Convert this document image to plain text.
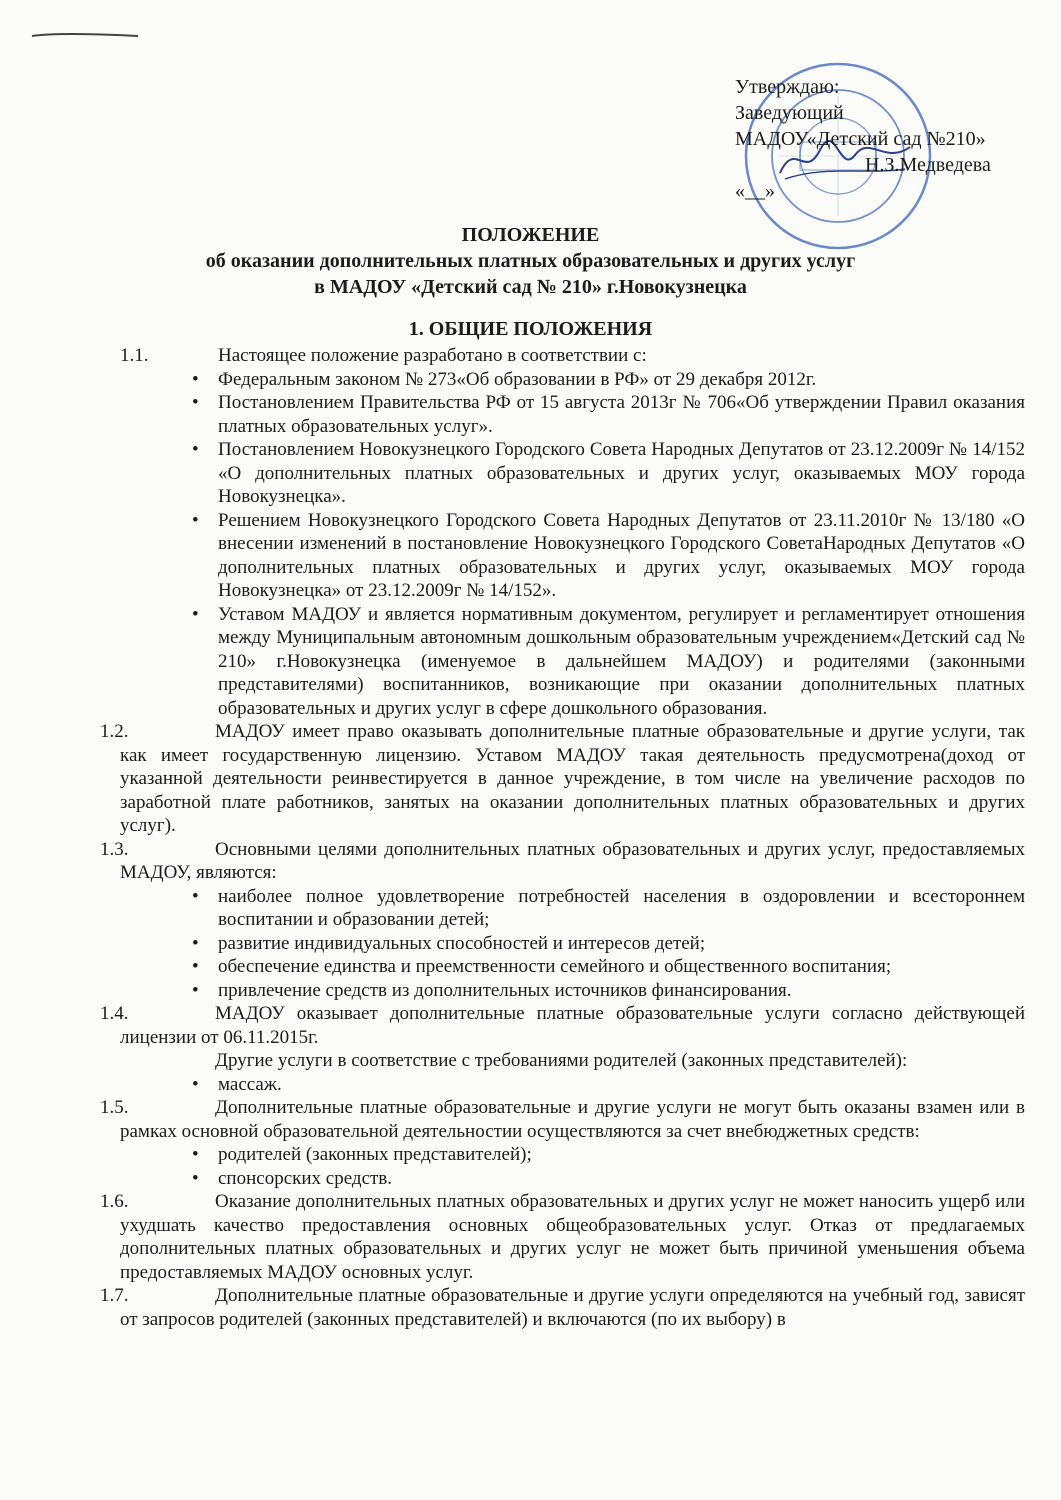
Утверждаю:
Заведующий
МАДОУ«Детский сад №210»
Н.З.Медведева
«__»
ПОЛОЖЕНИЕ
об оказании дополнительных платных образовательных и других услуг
в МАДОУ «Детский сад № 210» г.Новокузнецка
1. ОБЩИЕ ПОЛОЖЕНИЯ
1.1.	Настоящее положение разработано в соответствии с:
• Федеральным законом № 273«Об образовании в РФ» от 29 декабря 2012г.
• Постановлением Правительства РФ от 15 августа 2013г № 706«Об утверждении Правил оказания платных образовательных услуг».
• Постановлением Новокузнецкого Городского Совета Народных Депутатов от 23.12.2009г № 14/152 «О дополнительных платных образовательных и других услуг, оказываемых МОУ города Новокузнецка».
• Решением Новокузнецкого Городского Совета Народных Депутатов от 23.11.2010г № 13/180 «О внесении изменений в постановление Новокузнецкого Городского СоветаНародных Депутатов «О дополнительных платных образовательных и других услуг, оказываемых МОУ города Новокузнецка» от 23.12.2009г № 14/152».
• Уставом МАДОУ и является нормативным документом, регулирует и регламентирует отношения между Муниципальным автономным дошкольным образовательным учреждением«Детский сад № 210» г.Новокузнецка (именуемое в дальнейшем МАДОУ) и родителями (законными представителями) воспитанников, возникающие при оказании дополнительных платных образовательных и других услуг в сфере дошкольного образования.
1.2.	МАДОУ имеет право оказывать дополнительные платные образовательные и другие услуги, так как имеет государственную лицензию. Уставом МАДОУ такая деятельность предусмотрена(доход от указанной деятельности реинвестируется в данное учреждение, в том числе на увеличение расходов по заработной плате работников, занятых на оказании дополнительных платных образовательных и других услуг).
1.3.	Основными целями дополнительных платных образовательных и других услуг, предоставляемых МАДОУ, являются:
• наиболее полное удовлетворение потребностей населения в оздоровлении и всестороннем воспитании и образовании детей;
• развитие индивидуальных способностей и интересов детей;
• обеспечение единства и преемственности семейного и общественного воспитания;
• привлечение средств из дополнительных источников финансирования.
1.4.	МАДОУ оказывает дополнительные платные образовательные услуги согласно действующей лицензии от 06.11.2015г.
Другие услуги в соответствие с требованиями родителей (законных представителей):
• массаж.
1.5.	Дополнительные платные образовательные и другие услуги не могут быть оказаны взамен или в рамках основной образовательной деятельностии осуществляются за счет внебюджетных средств:
• родителей (законных представителей);
• спонсорских средств.
1.6.	Оказание дополнительных платных образовательных и других услуг не может наносить ущерб или ухудшать качество предоставления основных общеобразовательных услуг. Отказ от предлагаемых дополнительных платных образовательных и других услуг не может быть причиной уменьшения объема предоставляемых МАДОУ основных услуг.
1.7.	Дополнительные платные образовательные и другие услуги определяются на учебный год, зависят от запросов родителей (законных представителей) и включаются (по их выбору) в
